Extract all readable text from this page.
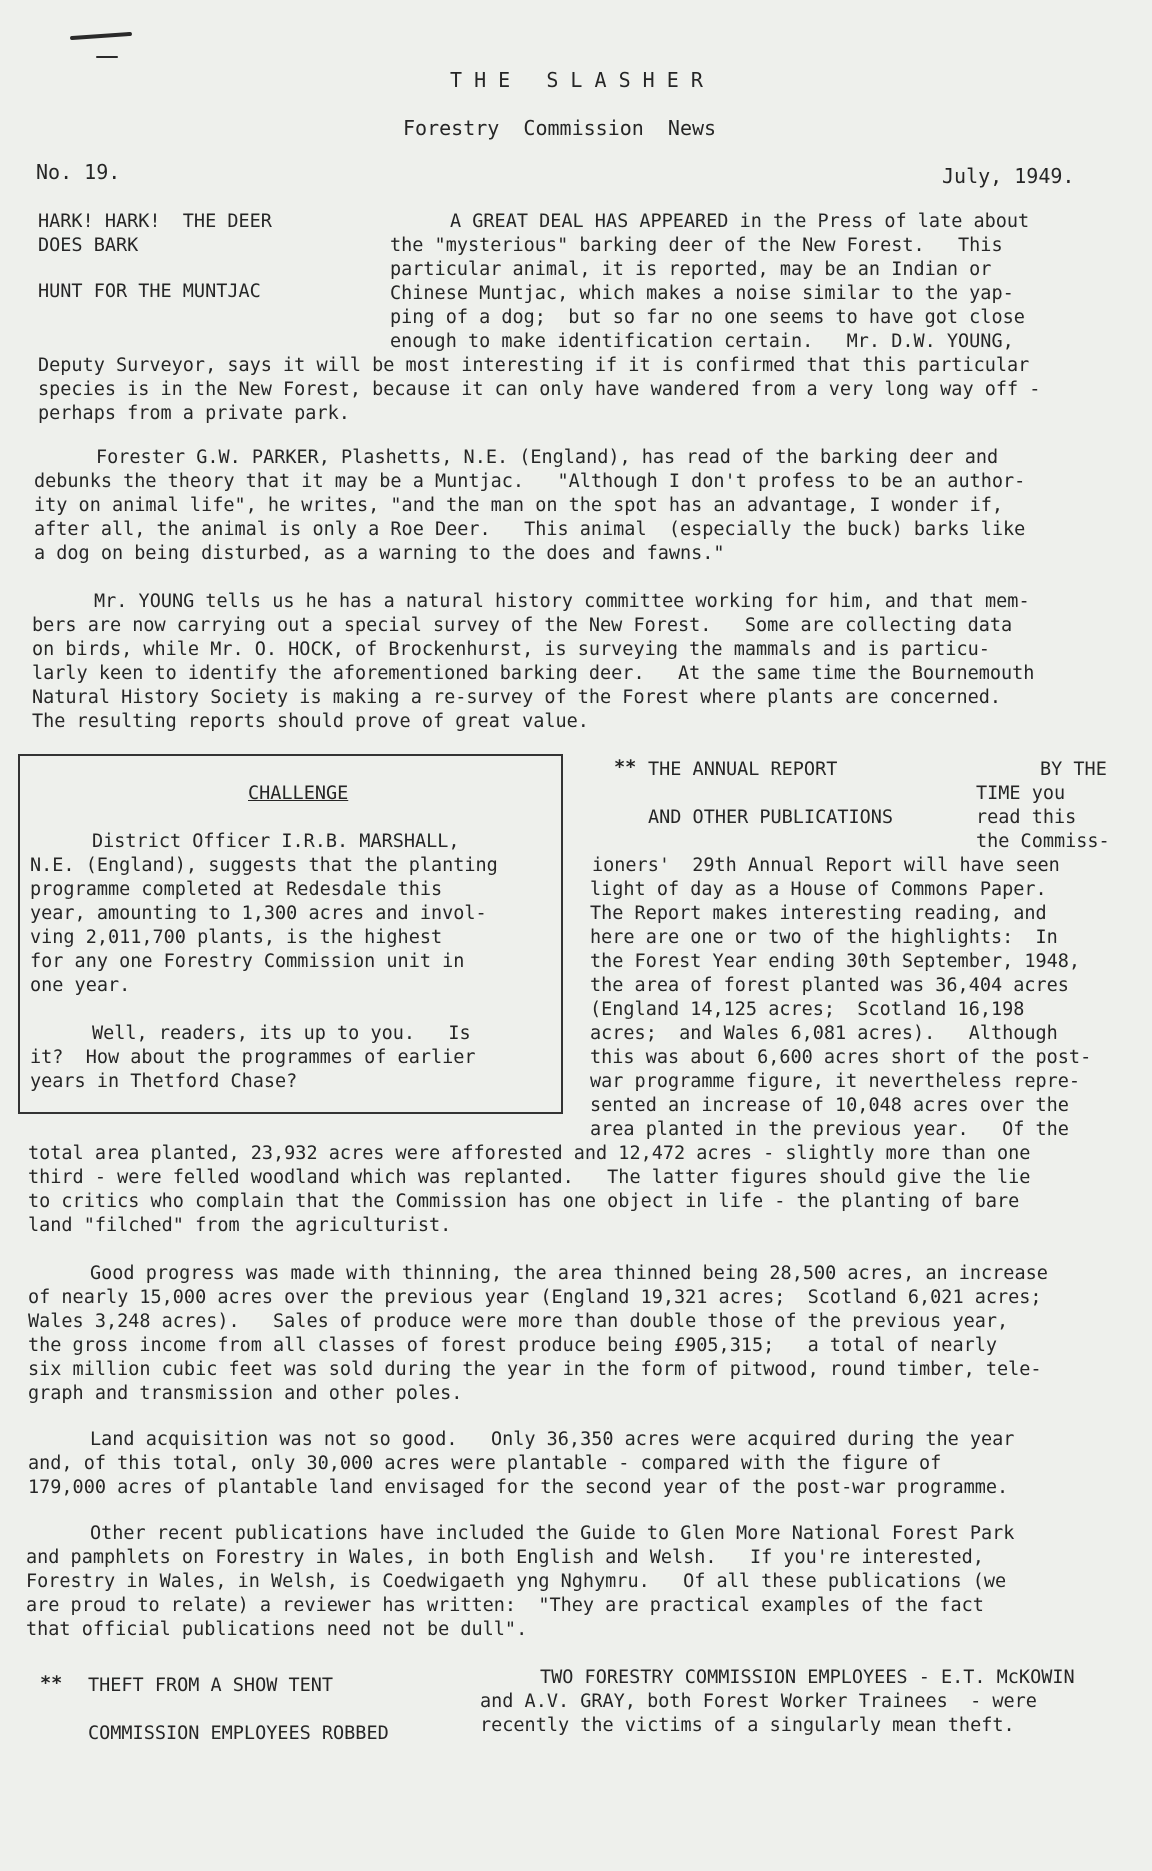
T H E   S L A S H E R
Forestry  Commission  News
No. 19.	July, 1949.
HARK! HARK!  THE DEER
DOES BARK
HUNT FOR THE MUNTJAC
A GREAT DEAL HAS APPEARED in the Press of late about
the "mysterious" barking deer of the New Forest.   This
particular animal, it is reported, may be an Indian or
Chinese Muntjac, which makes a noise similar to the yap-
ping of a dog;  but so far no one seems to have got close
enough to make identification certain.   Mr. D.W. YOUNG,
Deputy Surveyor, says it will be most interesting if it is confirmed that this particular
species is in the New Forest, because it can only have wandered from a very long way off -
perhaps from a private park.
Forester G.W. PARKER, Plashetts, N.E. (England), has read of the barking deer and
debunks the theory that it may be a Muntjac.   "Although I don't profess to be an author-
ity on animal life", he writes, "and the man on the spot has an advantage, I wonder if,
after all, the animal is only a Roe Deer.   This animal  (especially the buck) barks like
a dog on being disturbed, as a warning to the does and fawns."
Mr. YOUNG tells us he has a natural history committee working for him, and that mem-
bers are now carrying out a special survey of the New Forest.   Some are collecting data
on birds, while Mr. O. HOCK, of Brockenhurst, is surveying the mammals and is particu-
larly keen to identify the aforementioned barking deer.   At the same time the Bournemouth
Natural History Society is making a re-survey of the Forest where plants are concerned.
The resulting reports should prove of great value.
CHALLENGE
District Officer I.R.B. MARSHALL,
N.E. (England), suggests that the planting
programme completed at Redesdale this
year, amounting to 1,300 acres and invol-
ving 2,011,700 plants, is the highest
for any one Forestry Commission unit in
one year.
Well, readers, its up to you.   Is
it?  How about the programmes of earlier
years in Thetford Chase?
** THE ANNUAL REPORT
AND OTHER PUBLICATIONS
BY THE
TIME you
read this
the Commiss-
ioners'  29th Annual Report will have seen
light of day as a House of Commons Paper.
The Report makes interesting reading, and
here are one or two of the highlights:  In
the Forest Year ending 30th September, 1948,
the area of forest planted was 36,404 acres
(England 14,125 acres;  Scotland 16,198
acres;  and Wales 6,081 acres).   Although
this was about 6,600 acres short of the post-
war programme figure, it nevertheless repre-
sented an increase of 10,048 acres over the
area planted in the previous year.   Of the
total area planted, 23,932 acres were afforested and 12,472 acres - slightly more than one
third - were felled woodland which was replanted.   The latter figures should give the lie
to critics who complain that the Commission has one object in life - the planting of bare
land "filched" from the agriculturist.
Good progress was made with thinning, the area thinned being 28,500 acres, an increase
of nearly 15,000 acres over the previous year (England 19,321 acres;  Scotland 6,021 acres;
Wales 3,248 acres).   Sales of produce were more than double those of the previous year,
the gross income from all classes of forest produce being £905,315;   a total of nearly
six million cubic feet was sold during the year in the form of pitwood, round timber, tele-
graph and transmission and other poles.
Land acquisition was not so good.   Only 36,350 acres were acquired during the year
and, of this total, only 30,000 acres were plantable - compared with the figure of
179,000 acres of plantable land envisaged for the second year of the post-war programme.
Other recent publications have included the Guide to Glen More National Forest Park
and pamphlets on Forestry in Wales, in both English and Welsh.   If you're interested,
Forestry in Wales, in Welsh, is Coedwigaeth yng Nghymru.   Of all these publications (we
are proud to relate) a reviewer has written:  "They are practical examples of the fact
that official publications need not be dull".
** THEFT FROM A SHOW TENT
COMMISSION EMPLOYEES ROBBED
TWO FORESTRY COMMISSION EMPLOYEES - E.T. McKOWIN
and A.V. GRAY, both Forest Worker Trainees  - were
recently the victims of a singularly mean theft.
